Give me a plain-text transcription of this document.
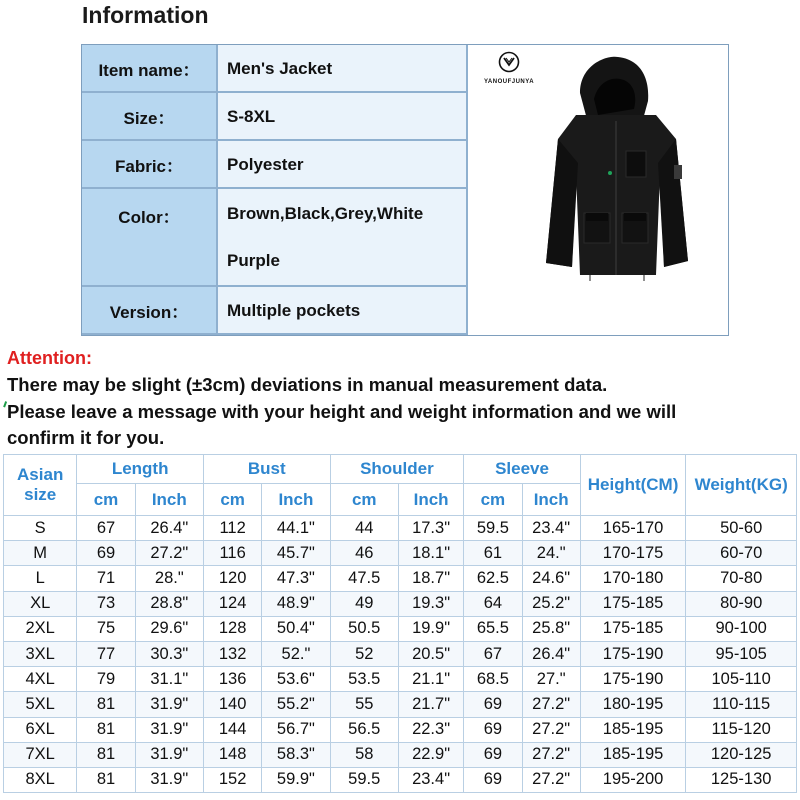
Information
Item name：	Men's Jacket
Size：	S-8XL
Fabric：	Polyester
Color：	Brown,Black,Grey,White
Purple
Version：	Multiple pockets
YANOUFJUNYA
Attention:
There may be slight (±3cm) deviations in manual measurement data.
Please leave a message with your height and weight information and we will
confirm it for you.
Asian
size	Length		Bust		Shoulder		Sleeve		Height(CM)	Weight(KG)
	cm	Inch	cm	Inch	cm	Inch	cm	Inch		
S	67	26.4"	112	44.1"	44	17.3"	59.5	23.4"	165-170	50-60
M	69	27.2"	116	45.7"	46	18.1"	61	24."	170-175	60-70
L	71	28."	120	47.3"	47.5	18.7"	62.5	24.6"	170-180	70-80
XL	73	28.8"	124	48.9"	49	19.3"	64	25.2"	175-185	80-90
2XL	75	29.6"	128	50.4"	50.5	19.9"	65.5	25.8"	175-185	90-100
3XL	77	30.3"	132	52."	52	20.5"	67	26.4"	175-190	95-105
4XL	79	31.1"	136	53.6"	53.5	21.1"	68.5	27."	175-190	105-110
5XL	81	31.9"	140	55.2"	55	21.7"	69	27.2"	180-195	110-115
6XL	81	31.9"	144	56.7"	56.5	22.3"	69	27.2"	185-195	115-120
7XL	81	31.9"	148	58.3"	58	22.9"	69	27.2"	185-195	120-125
8XL	81	31.9"	152	59.9"	59.5	23.4"	69	27.2"	195-200	125-130
